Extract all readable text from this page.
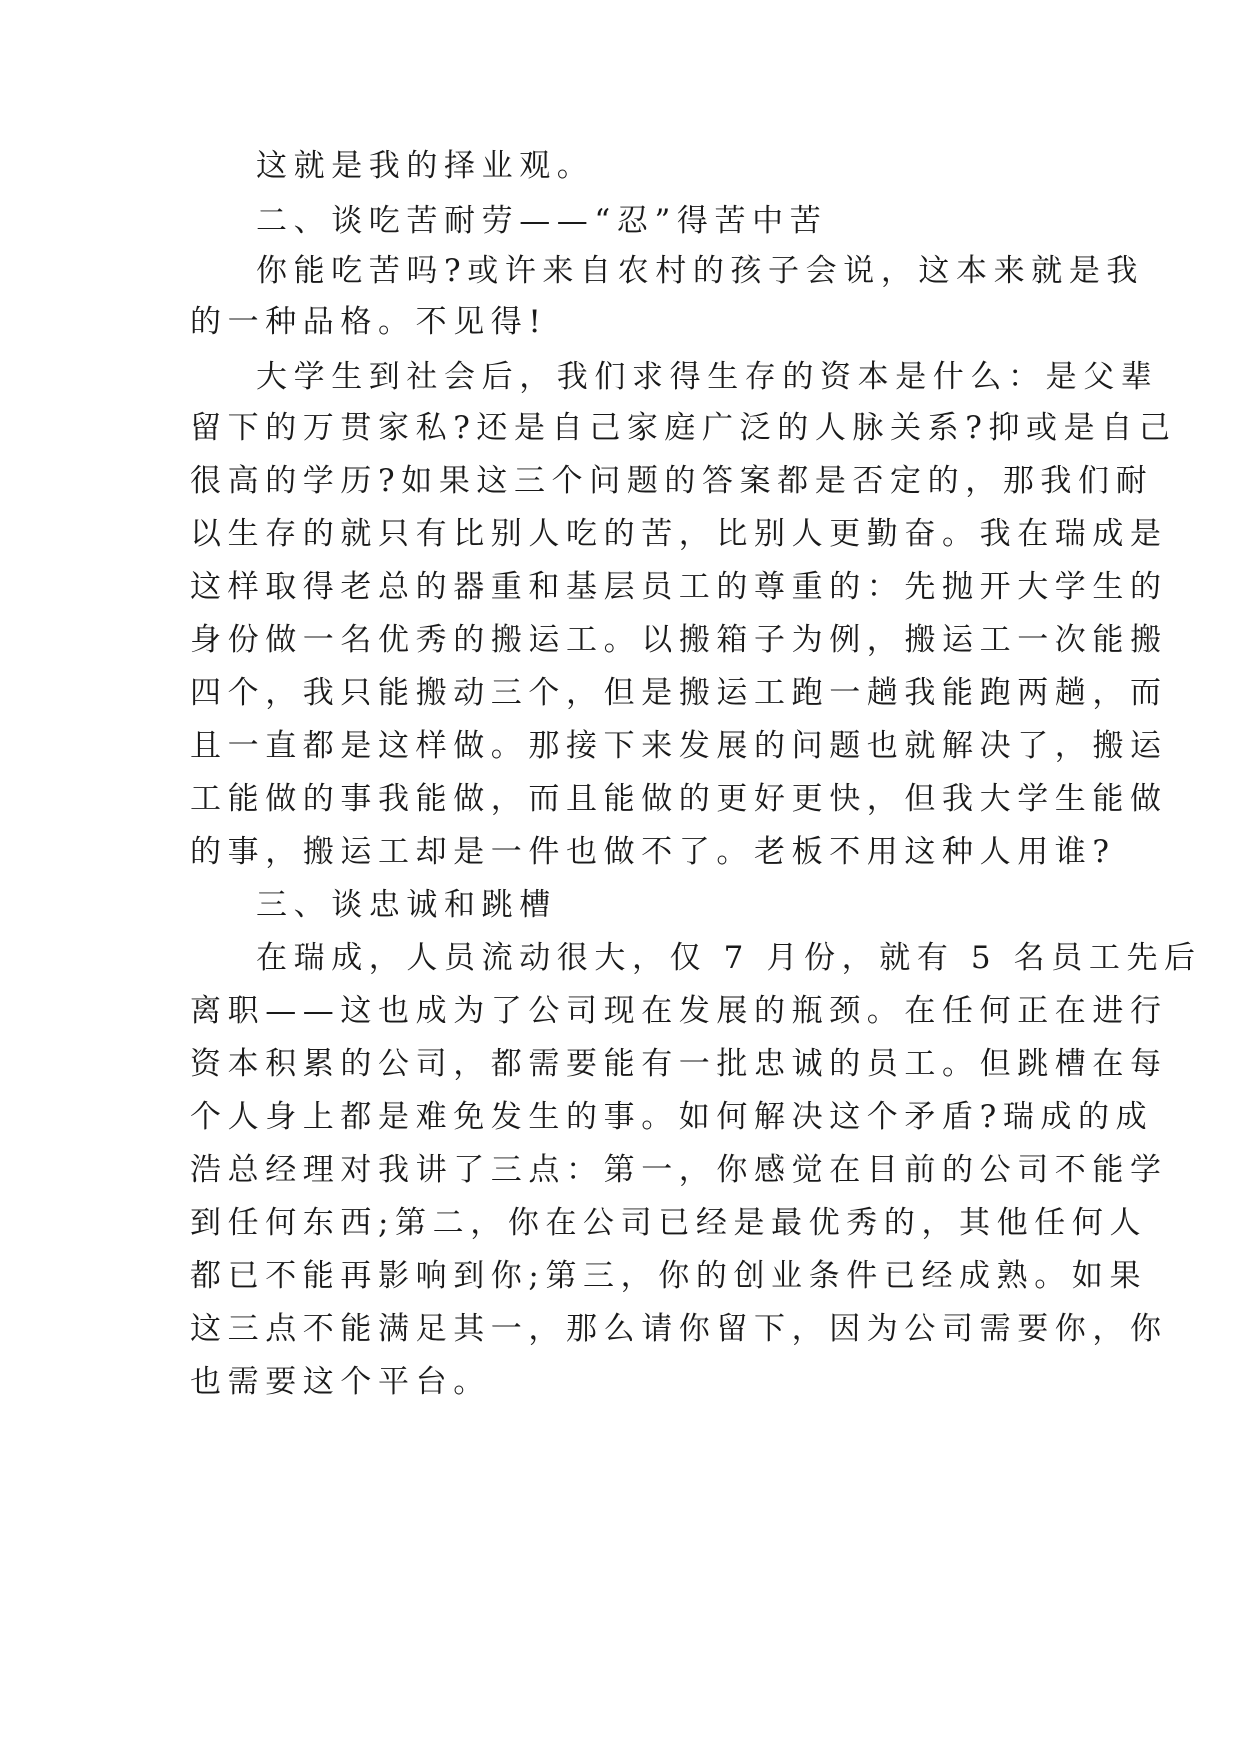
这就是我的择业观。
二、谈吃苦耐劳——“忍”得苦中苦
你能吃苦吗?或许来自农村的孩子会说，这本来就是我
的一种品格。不见得!
大学生到社会后，我们求得生存的资本是什么：是父辈
留下的万贯家私?还是自己家庭广泛的人脉关系?抑或是自己
很高的学历?如果这三个问题的答案都是否定的，那我们耐
以生存的就只有比别人吃的苦，比别人更勤奋。我在瑞成是
这样取得老总的器重和基层员工的尊重的：先抛开大学生的
身份做一名优秀的搬运工。以搬箱子为例，搬运工一次能搬
四个，我只能搬动三个，但是搬运工跑一趟我能跑两趟，而
且一直都是这样做。那接下来发展的问题也就解决了，搬运
工能做的事我能做，而且能做的更好更快，但我大学生能做
的事，搬运工却是一件也做不了。老板不用这种人用谁?
三、谈忠诚和跳槽
在瑞成，人员流动很大，仅 7 月份，就有 5 名员工先后
离职——这也成为了公司现在发展的瓶颈。在任何正在进行
资本积累的公司，都需要能有一批忠诚的员工。但跳槽在每
个人身上都是难免发生的事。如何解决这个矛盾?瑞成的成
浩总经理对我讲了三点：第一，你感觉在目前的公司不能学
到任何东西;第二，你在公司已经是最优秀的，其他任何人
都已不能再影响到你;第三，你的创业条件已经成熟。如果
这三点不能满足其一，那么请你留下，因为公司需要你，你
也需要这个平台。
